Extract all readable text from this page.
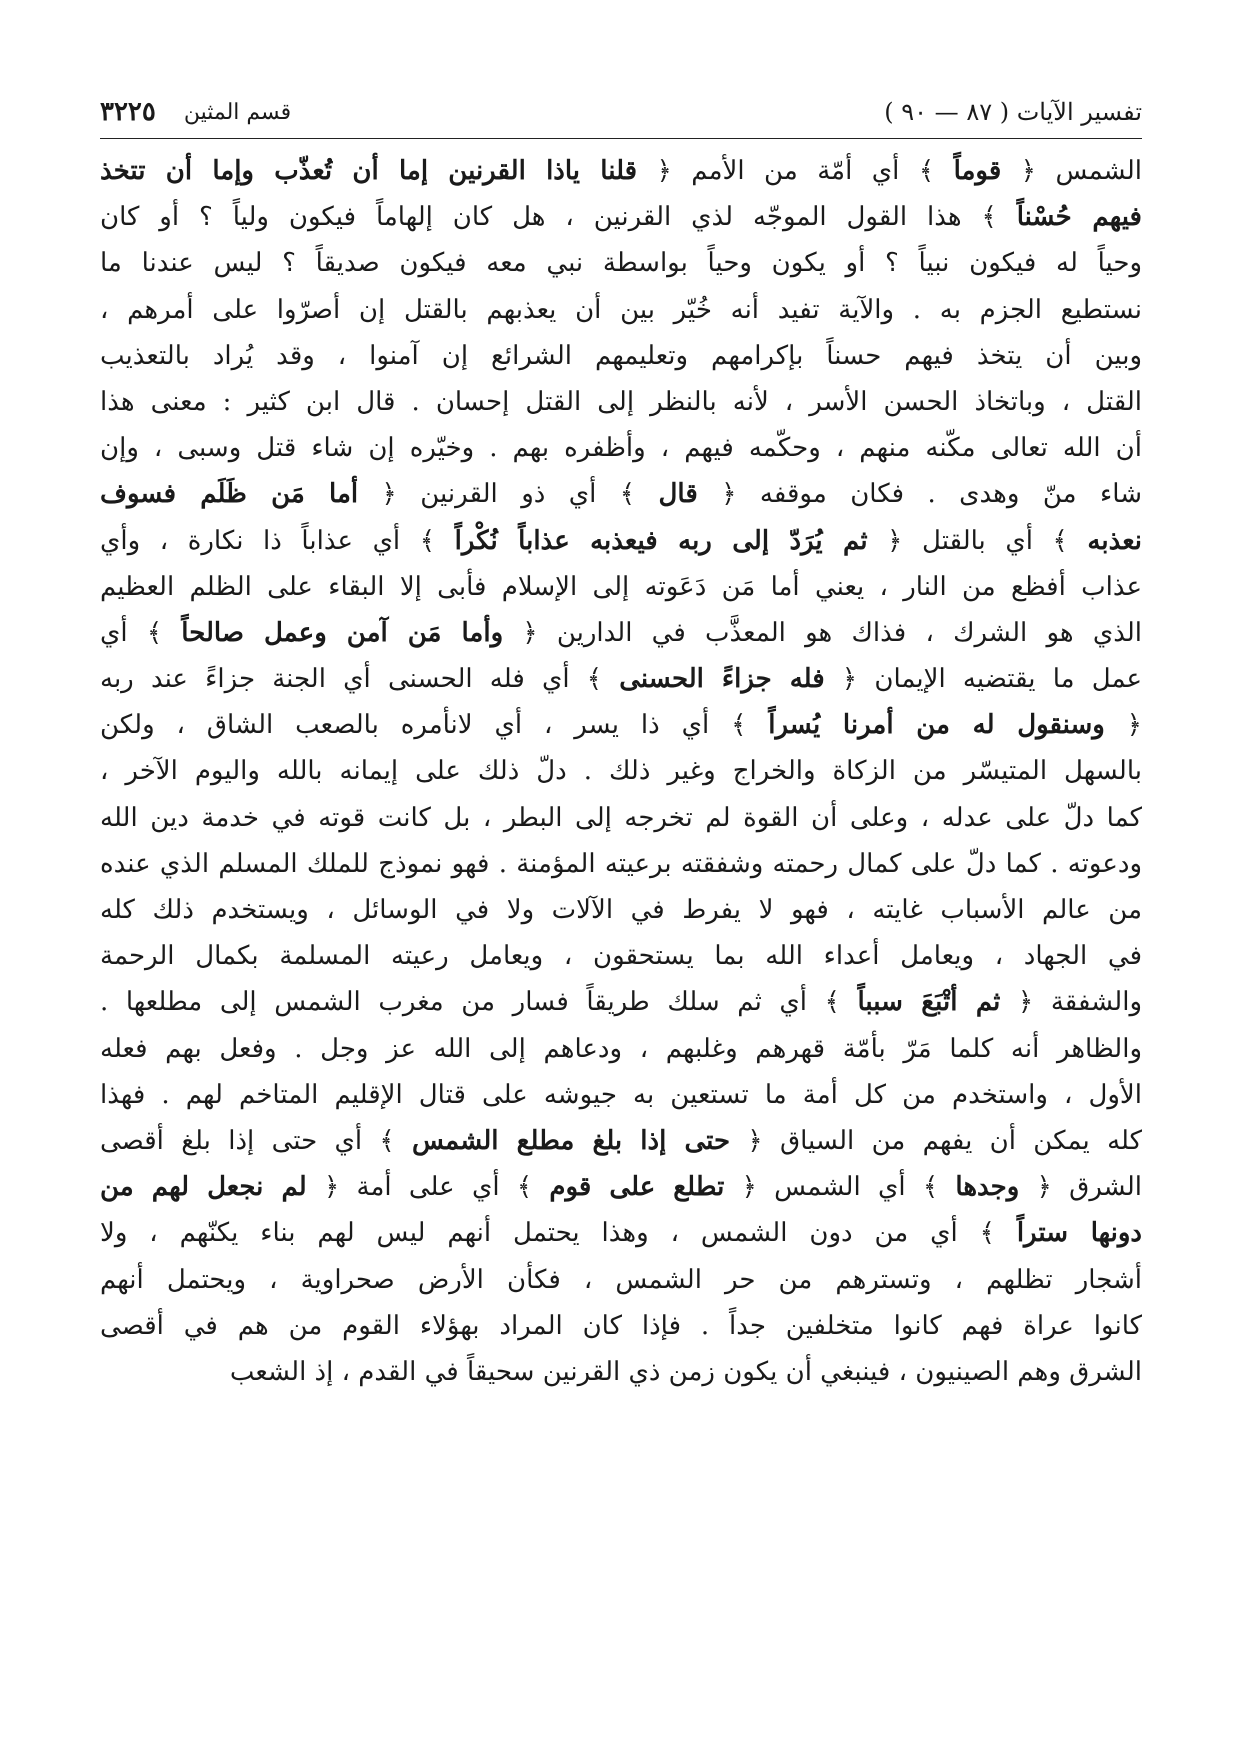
تفسير الآيات ( ٨٧ — ٩٠ )
قسم المثين
٣٢٢٥
الشمس ﴿ قوماً ﴾ أي أمّة من الأمم ﴿ قلنا ياذا القرنين إما أن تُعذّب وإما أن تتخذ
فيهم حُسْناً ﴾ هذا القول الموجّه لذي القرنين ، هل كان إلهاماً فيكون ولياً ؟ أو كان
وحياً له فيكون نبياً ؟ أو يكون وحياً بواسطة نبي معه فيكون صديقاً ؟ ليس عندنا ما
نستطيع الجزم به . والآية تفيد أنه خُيّر بين أن يعذبهم بالقتل إن أصرّوا على أمرهم ،
وبين أن يتخذ فيهم حسناً بإكرامهم وتعليمهم الشرائع إن آمنوا ، وقد يُراد بالتعذيب
القتل ، وباتخاذ الحسن الأسر ، لأنه بالنظر إلى القتل إحسان . قال ابن كثير : معنى هذا
أن الله تعالى مكّنه منهم ، وحكّمه فيهم ، وأظفره بهم . وخيّره إن شاء قتل وسبى ، وإن
شاء منّ وهدى . فكان موقفه ﴿ قال ﴾ أي ذو القرنين ﴿ أما مَن ظَلَم فسوف
نعذبه ﴾ أي بالقتل ﴿ ثم يُرَدّ إلى ربه فيعذبه عذاباً نُكْراً ﴾ أي عذاباً ذا نكارة ، وأي
عذاب أفظع من النار ، يعني أما مَن دَعَوته إلى الإسلام فأبى إلا البقاء على الظلم العظيم
الذي هو الشرك ، فذاك هو المعذَّب في الدارين ﴿ وأما مَن آمن وعمل صالحاً ﴾ أي
عمل ما يقتضيه الإيمان ﴿ فله جزاءً الحسنى ﴾ أي فله الحسنى أي الجنة جزاءً عند ربه
﴿ وسنقول له من أمرنا يُسراً ﴾ أي ذا يسر ، أي لانأمره بالصعب الشاق ، ولكن
بالسهل المتيسّر من الزكاة والخراج وغير ذلك . دلّ ذلك على إيمانه بالله واليوم الآخر ،
كما دلّ على عدله ، وعلى أن القوة لم تخرجه إلى البطر ، بل كانت قوته في خدمة دين الله
ودعوته . كما دلّ على كمال رحمته وشفقته برعيته المؤمنة . فهو نموذج للملك المسلم الذي عنده
من عالم الأسباب غايته ، فهو لا يفرط في الآلات ولا في الوسائل ، ويستخدم ذلك كله
في الجهاد ، ويعامل أعداء الله بما يستحقون ، ويعامل رعيته المسلمة بكمال الرحمة
والشفقة ﴿ ثم أتْبَعَ سبباً ﴾ أي ثم سلك طريقاً فسار من مغرب الشمس إلى مطلعها .
والظاهر أنه كلما مَرّ بأمّة قهرهم وغلبهم ، ودعاهم إلى الله عز وجل . وفعل بهم فعله
الأول ، واستخدم من كل أمة ما تستعين به جيوشه على قتال الإقليم المتاخم لهم . فهذا
كله يمكن أن يفهم من السياق ﴿ حتى إذا بلغ مطلع الشمس ﴾ أي حتى إذا بلغ أقصى
الشرق ﴿ وجدها ﴾ أي الشمس ﴿ تطلع على قوم ﴾ أي على أمة ﴿ لم نجعل لهم من
دونها ستراً ﴾ أي من دون الشمس ، وهذا يحتمل أنهم ليس لهم بناء يكنّهم ، ولا
أشجار تظلهم ، وتسترهم من حر الشمس ، فكأن الأرض صحراوية ، ويحتمل أنهم
كانوا عراة فهم كانوا متخلفين جداً . فإذا كان المراد بهؤلاء القوم من هم في أقصى
الشرق وهم الصينيون ، فينبغي أن يكون زمن ذي القرنين سحيقاً في القدم ، إذ الشعب
